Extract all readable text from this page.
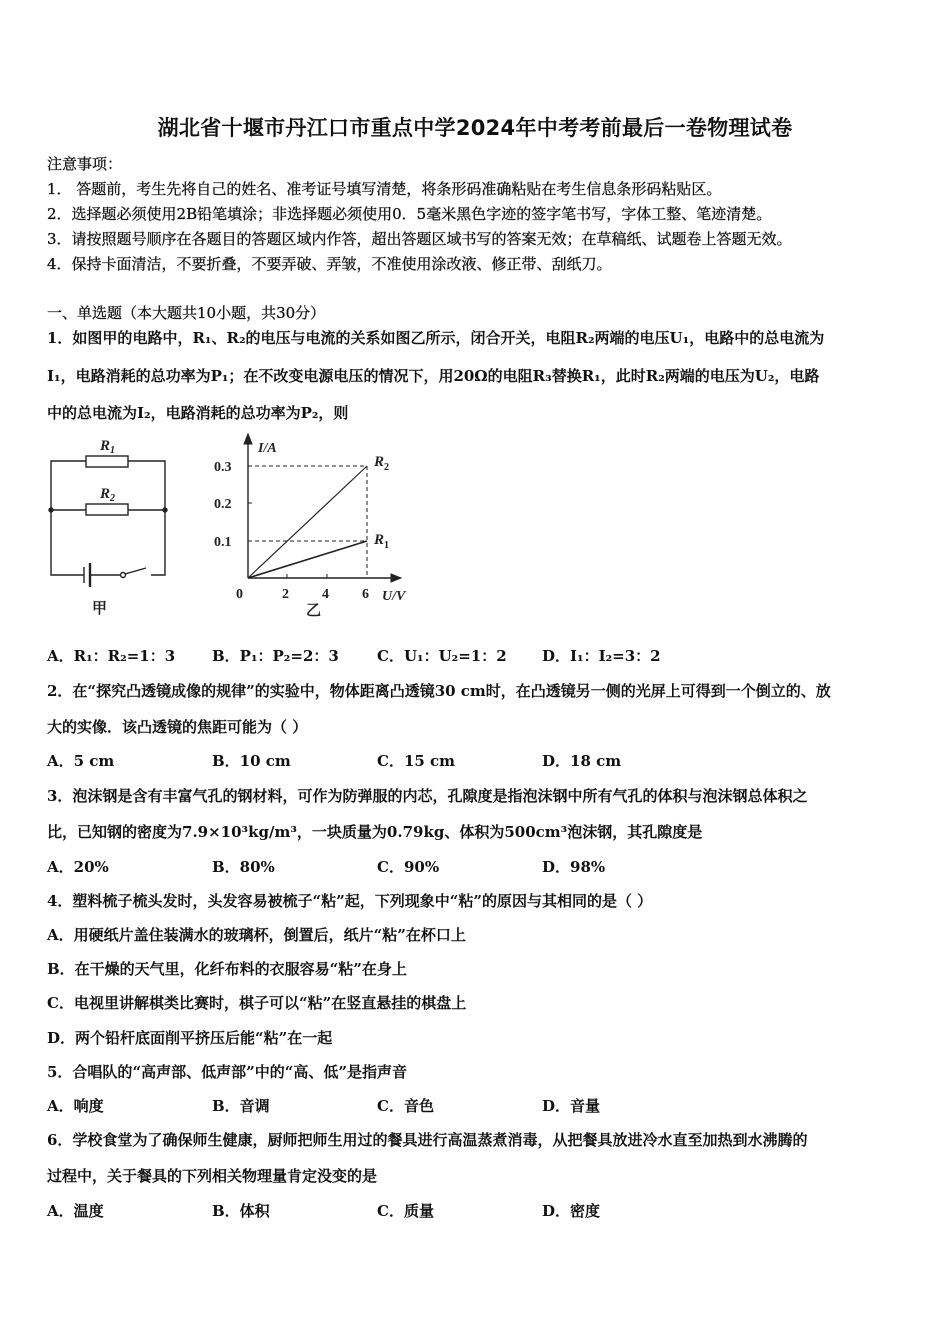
湖北省十堰市丹江口市重点中学2024年中考考前最后一卷物理试卷
注意事项：
1． 答题前，考生先将自己的姓名、准考证号填写清楚，将条形码准确粘贴在考生信息条形码粘贴区。
2．选择题必须使用2B铅笔填涂；非选择题必须使用0．5毫米黑色字迹的签字笔书写，字体工整、笔迹清楚。
3．请按照题号顺序在各题目的答题区域内作答，超出答题区域书写的答案无效；在草稿纸、试题卷上答题无效。
4．保持卡面清洁，不要折叠，不要弄破、弄皱，不准使用涂改液、修正带、刮纸刀。
一、单选题（本大题共10小题，共30分）
1．如图甲的电路中，R₁、R₂的电压与电流的关系如图乙所示，闭合开关，电阻R₂两端的电压U₁，电路中的总电流为
I₁，电路消耗的总功率为P₁；在不改变电源电压的情况下，用20Ω的电阻R₃替换R₁，此时R₂两端的电压为U₂，电路
中的总电流为I₂，电路消耗的总功率为P₂，则
R 1
R 2
甲
0.3
0.2
0.1
0	2 4 6
I/A
U/V
R 2
R 1
乙
A．R₁：R₂=1：3 B．P₁：P₂=2：3	C．U₁：U₂=1：2 D．I₁：I₂=3：2
2．在“探究凸透镜成像的规律”的实验中，物体距离凸透镜30 cm时，在凸透镜另一侧的光屏上可得到一个倒立的、放
大的实像．该凸透镜的焦距可能为（ ）
A．5 cm	B．10 cm	C．15 cm	D．18 cm
3．泡沫钢是含有丰富气孔的钢材料，可作为防弹服的内芯，孔隙度是指泡沫钢中所有气孔的体积与泡沫钢总体积之
比，已知钢的密度为7.9×10³kg/m³，一块质量为0.79kg、体积为500cm³泡沫钢，其孔隙度是
A．20%	B．80%	C．90%	D．98%
4．塑料梳子梳头发时，头发容易被梳子“粘”起，下列现象中“粘”的原因与其相同的是（ ）
A．用硬纸片盖住装满水的玻璃杯，倒置后，纸片“粘”在杯口上
B．在干燥的天气里，化纤布料的衣服容易“粘”在身上
C．电视里讲解棋类比赛时，棋子可以“粘”在竖直悬挂的棋盘上
D．两个铅杆底面削平挤压后能“粘”在一起
5．合唱队的“高声部、低声部”中的“高、低”是指声音
A．响度	B．音调	C．音色	D．音量
6．学校食堂为了确保师生健康，厨师把师生用过的餐具进行高温蒸煮消毒，从把餐具放进冷水直至加热到水沸腾的
过程中，关于餐具的下列相关物理量肯定没变的是
A．温度	B．体积	C．质量	D．密度
